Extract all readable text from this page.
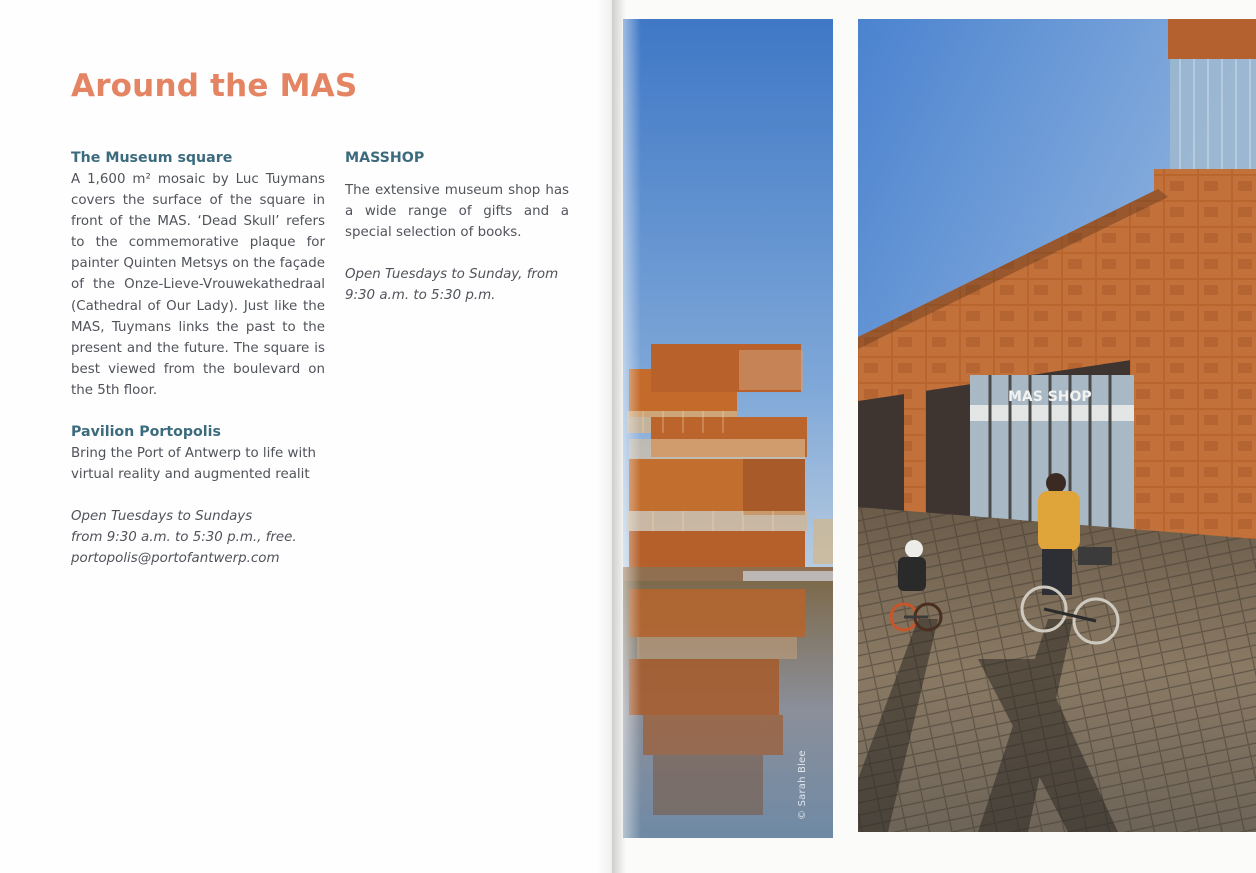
Around the MAS
The Museum square

A 1,600 m² mosaic by Luc Tuymans covers the surface of the square in front of the MAS. ‘Dead Skull’ refers to the commemorative plaque for painter Quinten Metsys on the façade of the Onze-Lieve-Vrouwekathedraal (Cathedral of Our Lady). Just like the MAS, Tuymans links the past to the present and the future. The square is best viewed from the boulevard on the 5th floor.

Pavilion Portopolis

Bring the Port of Antwerp to life with virtual reality and augmented realit

Open Tuesdays to Sundays

from 9:30 a.m. to 5:30 p.m., free.

portopolis@portofantwerp.com

MASSHOP

The extensive museum shop has a wide range of gifts and a special selection of books.

Open Tuesdays to Sunday, from

9:30 a.m. to 5:30 p.m.

© Sarah Blee
MAS SHOP
